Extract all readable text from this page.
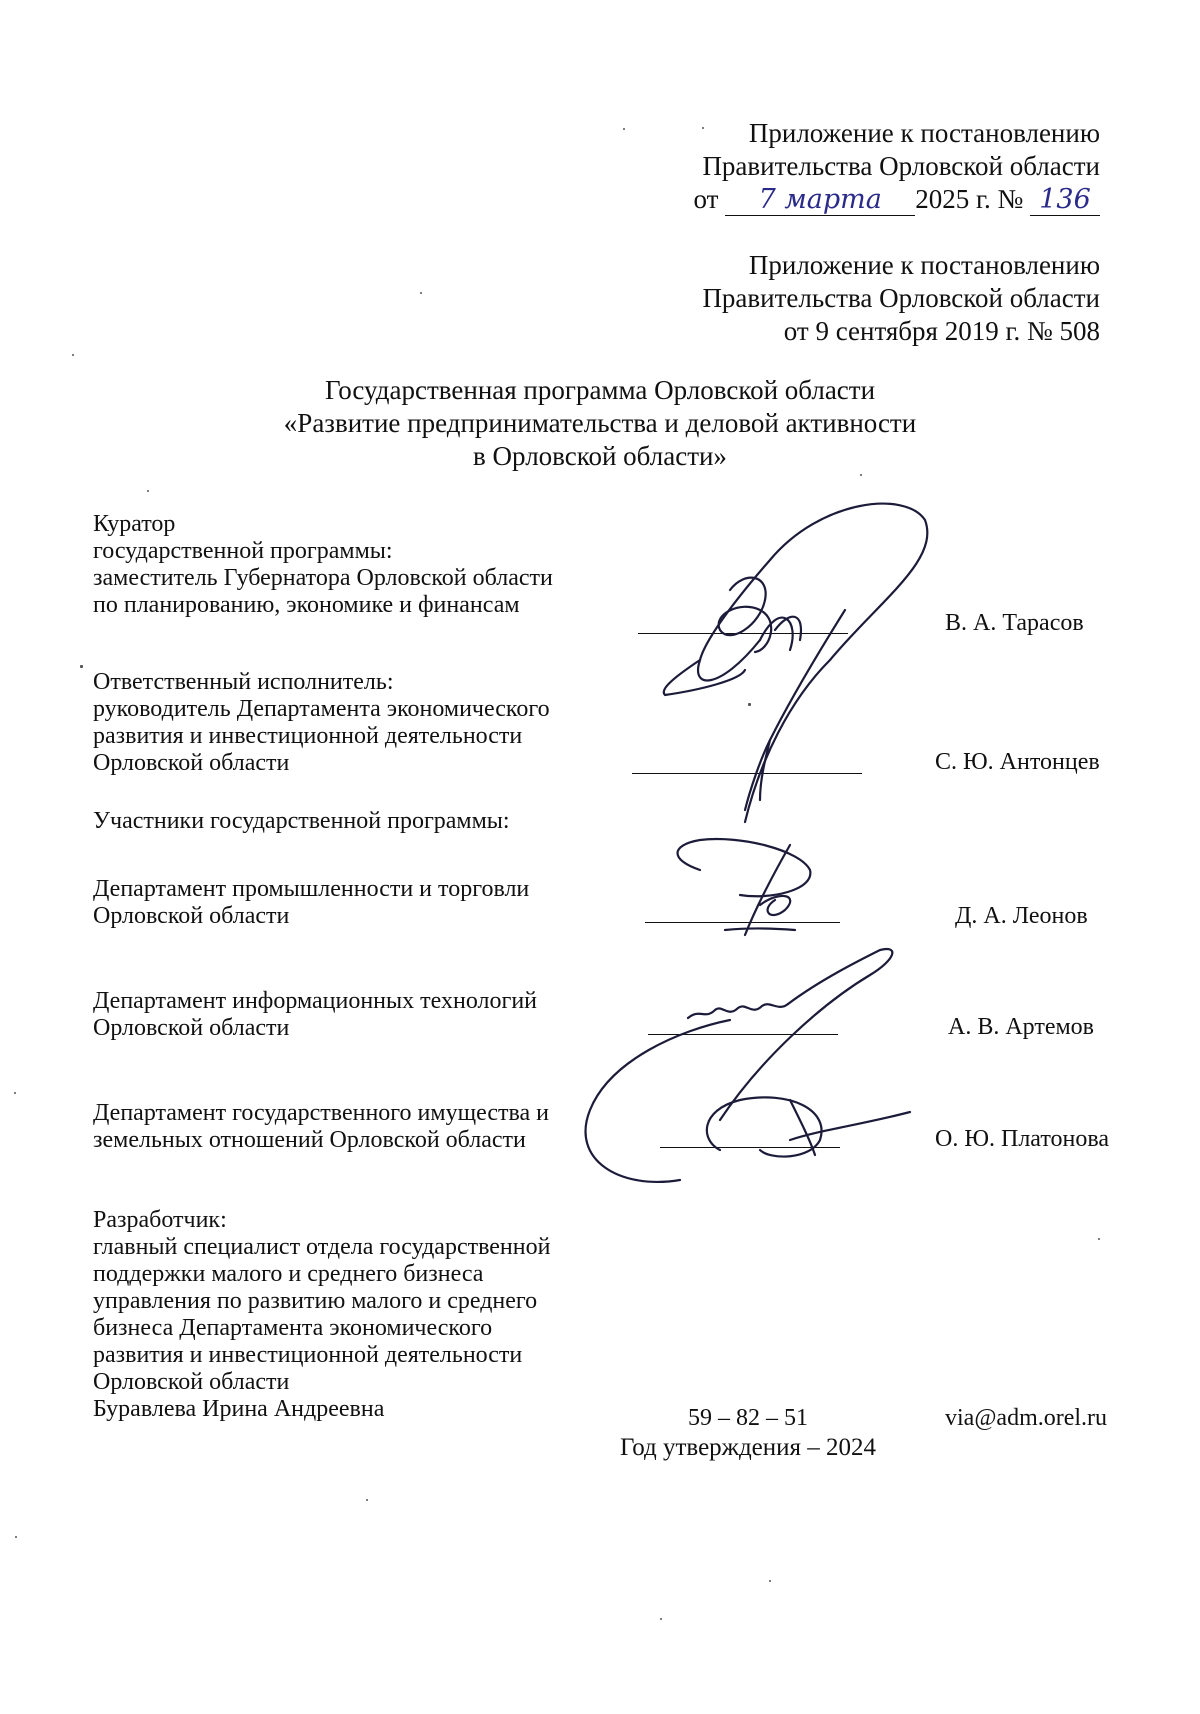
Приложение к постановлению
Правительства Орловской области
от 7 марта 2025 г. № 136
Приложение к постановлению
Правительства Орловской области
от 9 сентября 2019 г. № 508
Государственная программа Орловской области
«Развитие предпринимательства и деловой активности
в Орловской области»
Куратор
государственной программы:
заместитель Губернатора Орловской области
по планированию, экономике и финансам
В. А. Тарасов
Ответственный исполнитель:
руководитель Департамента экономического
развития и инвестиционной деятельности
Орловской области	С. Ю. Антонцев
Участники государственной программы:
Департамент промышленности и торговли
Орловской области	Д. А. Леонов
Департамент информационных технологий
Орловской области	А. В. Артемов
Департамент государственного имущества и
земельных отношений Орловской области	О. Ю. Платонова
Разработчик:
главный специалист отдела государственной
поддержки малого и среднего бизнеса
управления по развитию малого и среднего
бизнеса Департамента экономического
развития и инвестиционной деятельности
Орловской области
Буравлева Ирина Андреевна	59 – 82 – 51	via@adm.orel.ru
Год утверждения – 2024
